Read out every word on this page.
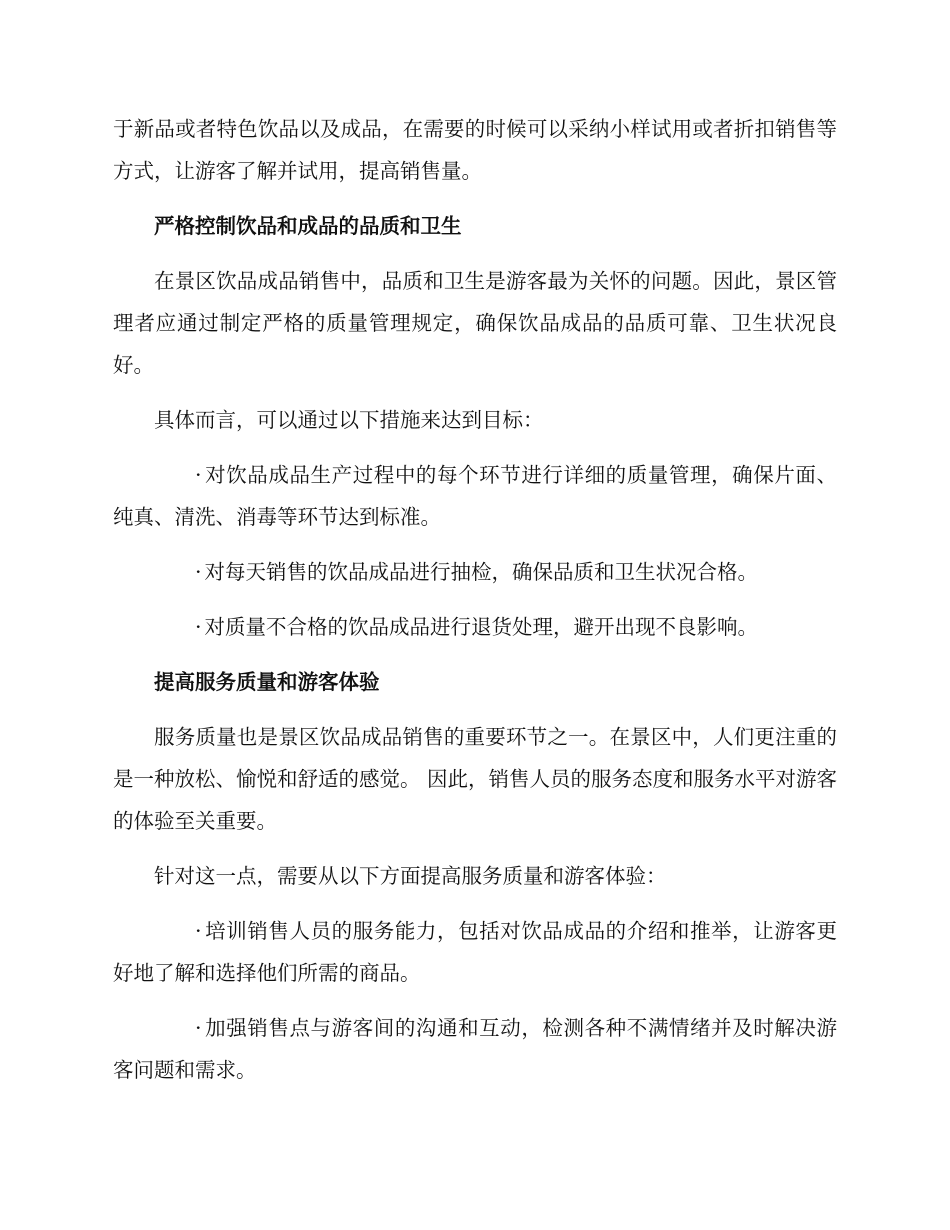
于新品或者特色饮品以及成品，在需要的时候可以采纳小样试用或者折扣销售等方式，让游客了解并试用，提高销售量。

严格控制饮品和成品的品质和卫生

在景区饮品成品销售中，品质和卫生是游客最为关怀的问题。因此，景区管理者应通过制定严格的质量管理规定，确保饮品成品的品质可靠、卫生状况良好。

具体而言，可以通过以下措施来达到目标：

· 对饮品成品生产过程中的每个环节进行详细的质量管理，确保片面、纯真、清洗、消毒等环节达到标准。

· 对每天销售的饮品成品进行抽检，确保品质和卫生状况合格。

· 对质量不合格的饮品成品进行退货处理，避开出现不良影响。

提高服务质量和游客体验

服务质量也是景区饮品成品销售的重要环节之一。在景区中，人们更注重的是一种放松、愉悦和舒适的感觉。 因此，销售人员的服务态度和服务水平对游客的体验至关重要。

针对这一点，需要从以下方面提高服务质量和游客体验：

· 培训销售人员的服务能力，包括对饮品成品的介绍和推举，让游客更好地了解和选择他们所需的商品。

· 加强销售点与游客间的沟通和互动，检测各种不满情绪并及时解决游客问题和需求。
